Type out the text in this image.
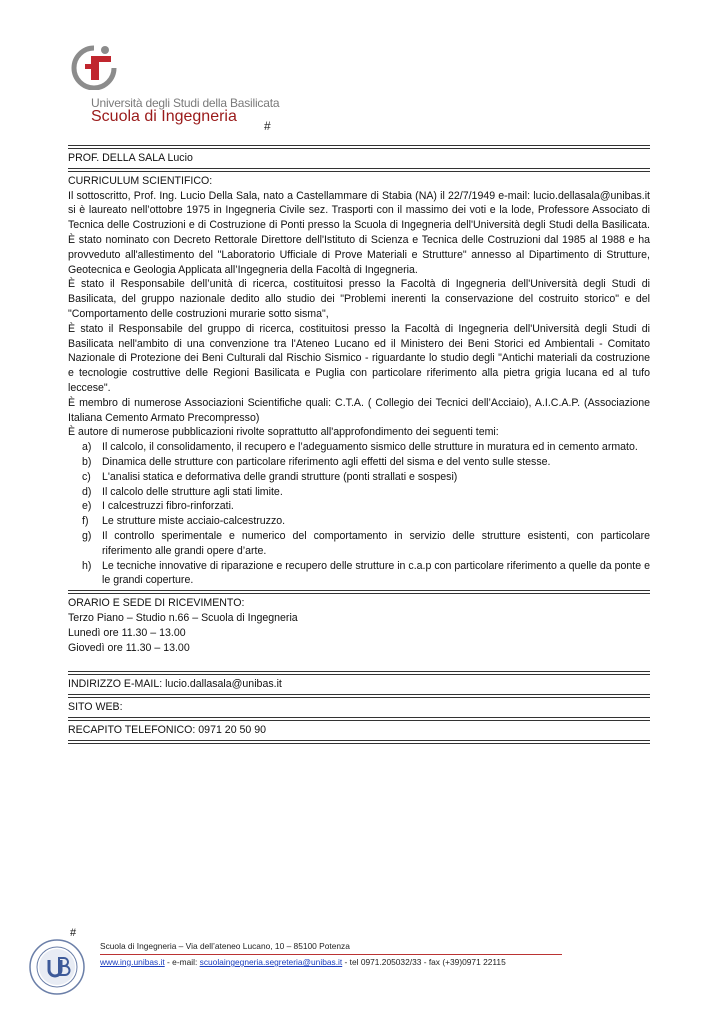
Università degli Studi della Basilicata
Scuola di Ingegneria
#
PROF. DELLA SALA Lucio
CURRICULUM SCIENTIFICO:
Il sottoscritto, Prof. Ing. Lucio Della Sala, nato a Castellammare di Stabia (NA) il 22/7/1949 e-mail: lucio.dellasala@unibas.it si è laureato nell’ottobre 1975 in Ingegneria Civile sez. Trasporti con il massimo dei voti e la lode, Professore Associato di Tecnica delle Costruzioni e di Costruzione di Ponti presso la Scuola di Ingegneria dell'Università degli Studi della Basilicata. È stato nominato con Decreto Rettorale Direttore dell'Istituto di Scienza e Tecnica delle Costruzioni dal 1985 al 1988 e ha provveduto all'allestimento del "Laboratorio Ufficiale di Prove Materiali e Strutture" annesso al Dipartimento di Strutture, Geotecnica e Geologia Applicata all’Ingegneria della Facoltà di Ingegneria.
È stato il Responsabile dell’unità di ricerca, costituitosi presso la Facoltà di Ingegneria dell'Università degli Studi di Basilicata, del gruppo nazionale dedito allo studio dei "Problemi inerenti la conservazione del costruito storico" e del "Comportamento delle costruzioni murarie sotto sisma",
È stato il Responsabile del gruppo di ricerca, costituitosi presso la Facoltà di Ingegneria dell'Università degli Studi di Basilicata nell'ambito di una convenzione tra l'Ateneo Lucano ed il Ministero dei Beni Storici ed Ambientali - Comitato Nazionale di Protezione dei Beni Culturali dal Rischio Sismico - riguardante lo studio degli "Antichi materiali da costruzione e tecnologie costruttive delle Regioni Basilicata e Puglia con particolare riferimento alla pietra grigia lucana ed al tufo leccese".
È membro di numerose Associazioni Scientifiche quali: C.T.A. ( Collegio dei Tecnici dell’Acciaio), A.I.C.A.P. (Associazione Italiana Cemento Armato Precompresso)
È autore di numerose pubblicazioni rivolte soprattutto all'approfondimento dei seguenti temi:
a) Il calcolo, il consolidamento, il recupero e l’adeguamento sismico delle strutture in muratura ed in cemento armato.
b) Dinamica delle strutture con particolare riferimento agli effetti del sisma e del vento sulle stesse.
c) L'analisi statica e deformativa delle grandi strutture (ponti strallati e sospesi)
d) Il calcolo delle strutture agli stati limite.
e) I calcestruzzi fibro-rinforzati.
f) Le strutture miste acciaio-calcestruzzo.
g) Il controllo sperimentale e numerico del comportamento in servizio delle strutture esistenti, con particolare riferimento alle grandi opere d’arte.
h) Le tecniche innovative di riparazione e recupero delle strutture in c.a.p con particolare riferimento a quelle da ponte e le grandi coperture.
ORARIO E SEDE DI RICEVIMENTO:
Terzo Piano – Studio n.66 – Scuola di Ingegneria
Lunedì ore 11.30 – 13.00
Giovedì ore 11.30 – 13.00
INDIRIZZO E-MAIL: lucio.dallasala@unibas.it
SITO WEB:
RECAPITO TELEFONICO: 0971 20 50 90
#
Scuola di Ingegneria – Via dell’ateneo Lucano, 10 – 85100 Potenza
www.ing.unibas.it - e-mail: scuolaingegneria.segreteria@unibas.it - tel 0971.205032/33 - fax (+39)0971 22115
